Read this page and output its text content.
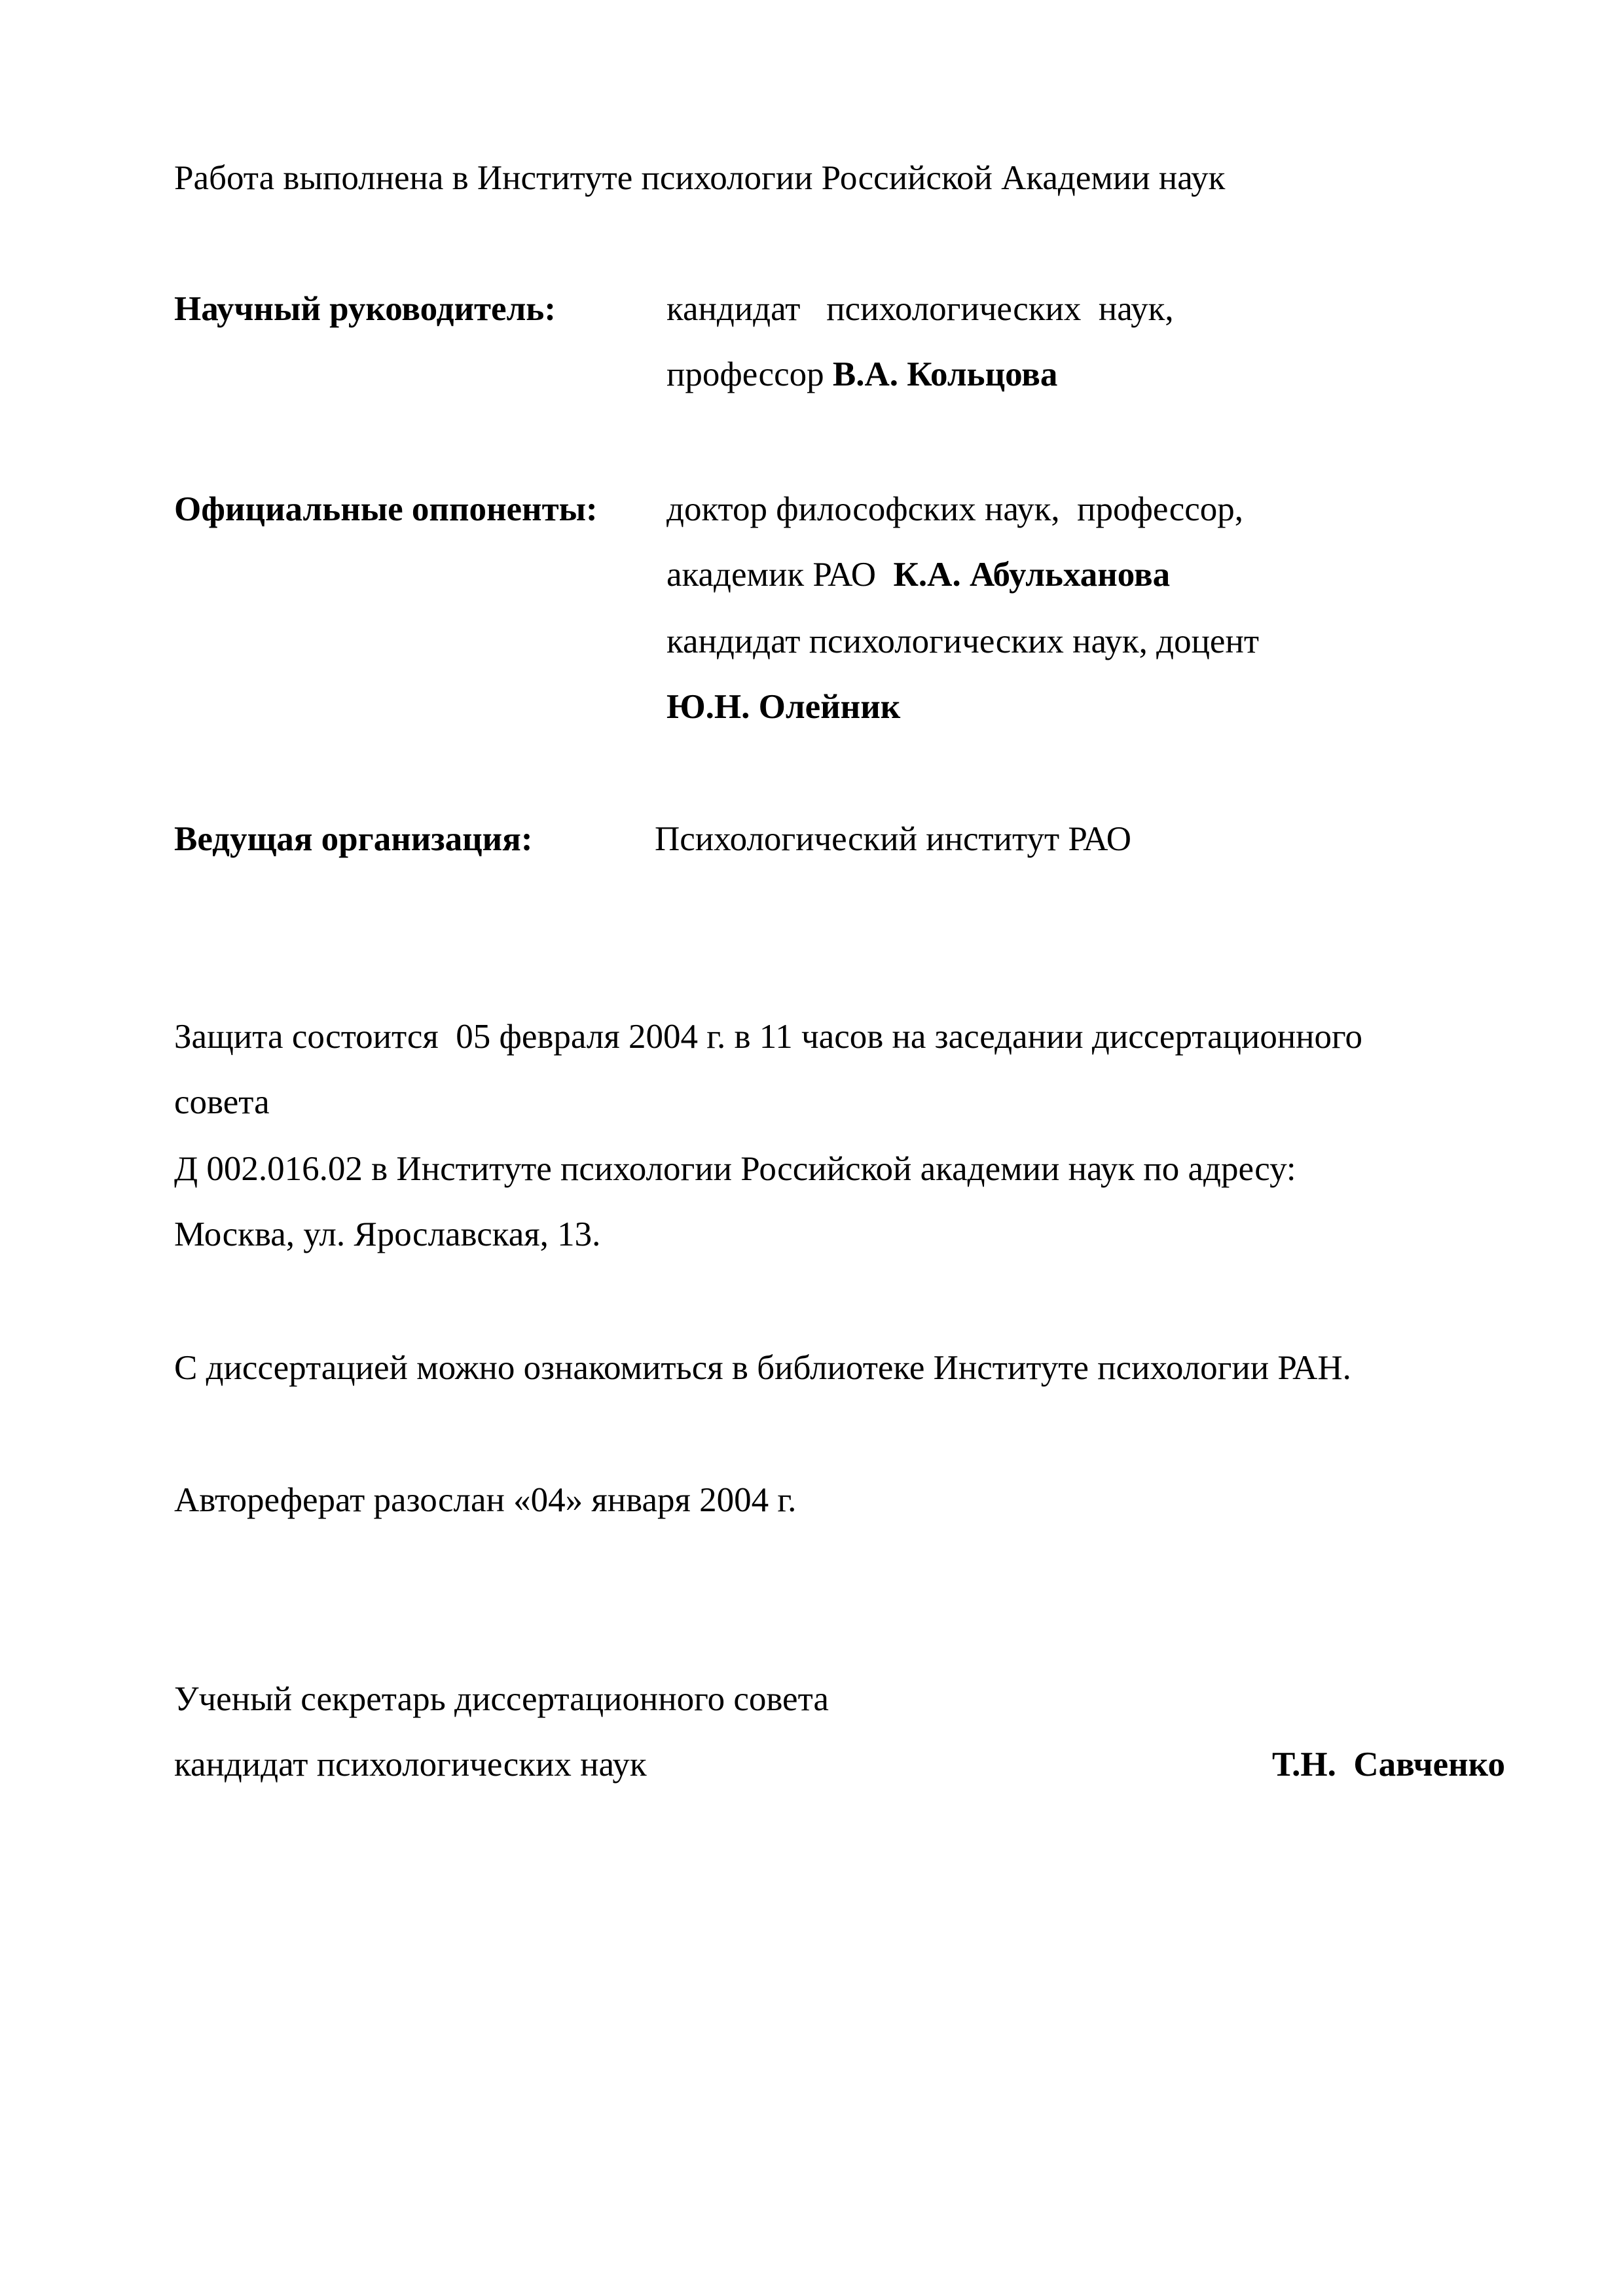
Работа выполнена в Институте психологии Российской Академии наук
Научный руководитель:	кандидат   психологических  наук,
профессор В.А. Кольцова
Официальные оппоненты: доктор философских наук,  профессор,
академик РАО  К.А. Абульханова
кандидат психологических наук, доцент
Ю.Н. Олейник
Ведущая организация:	Психологический институт РАО
Защита состоится  05 февраля 2004 г. в 11 часов на заседании диссертационного
совета
Д 002.016.02 в Институте психологии Российской академии наук по адресу:
Москва, ул. Ярославская, 13.
С диссертацией можно ознакомиться в библиотеке Институте психологии РАН.
Автореферат разослан «04» января 2004 г.
Ученый секретарь диссертационного совета
кандидат психологических наук	Т.Н.  Савченко
